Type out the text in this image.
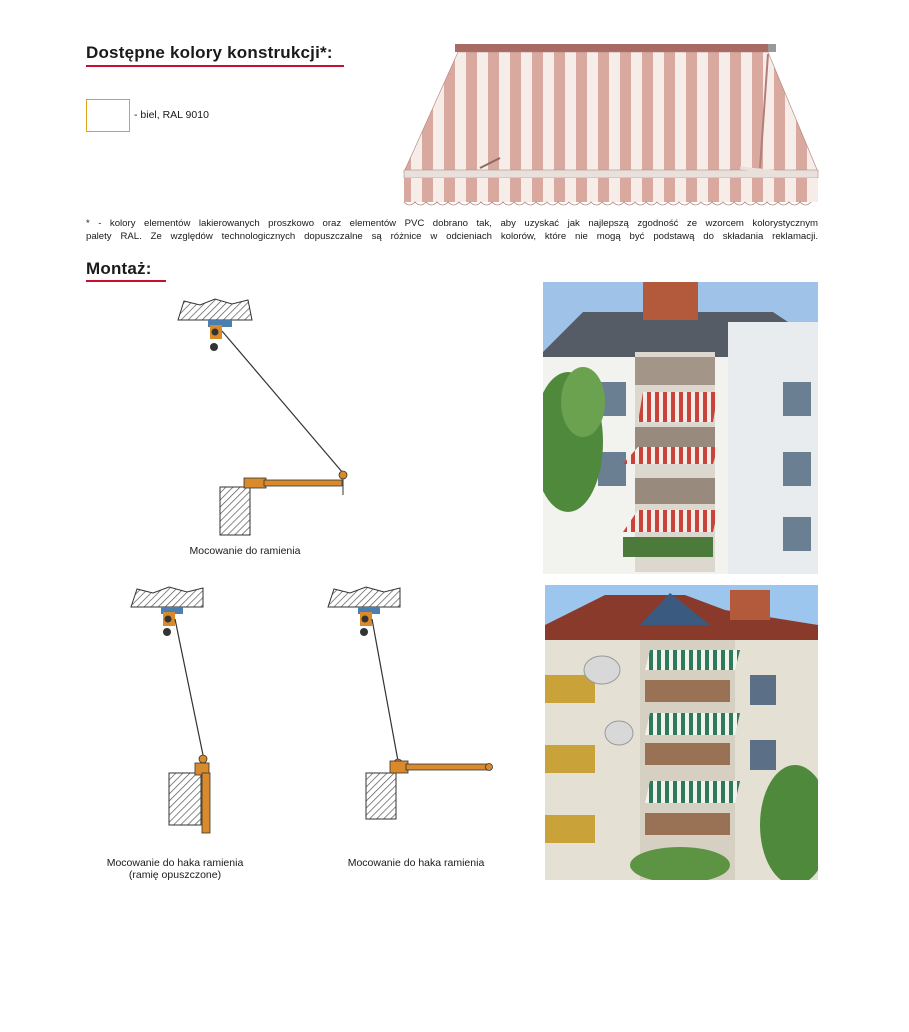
Dostępne kolory konstrukcji*:
- biel, RAL 9010
* - kolory elementów lakierowanych proszkowo oraz elementów PVC dobrano tak, aby uzyskać jak najlepszą zgodność ze wzorcem kolorystycznym
palety RAL. Ze względów technologicznych dopuszczalne są różnice w odcieniach kolorów, które nie mogą być podstawą do składania reklamacji.
Montaż:
Mocowanie do ramienia
Mocowanie do haka ramienia
(ramię opuszczone)
Mocowanie do haka ramienia
